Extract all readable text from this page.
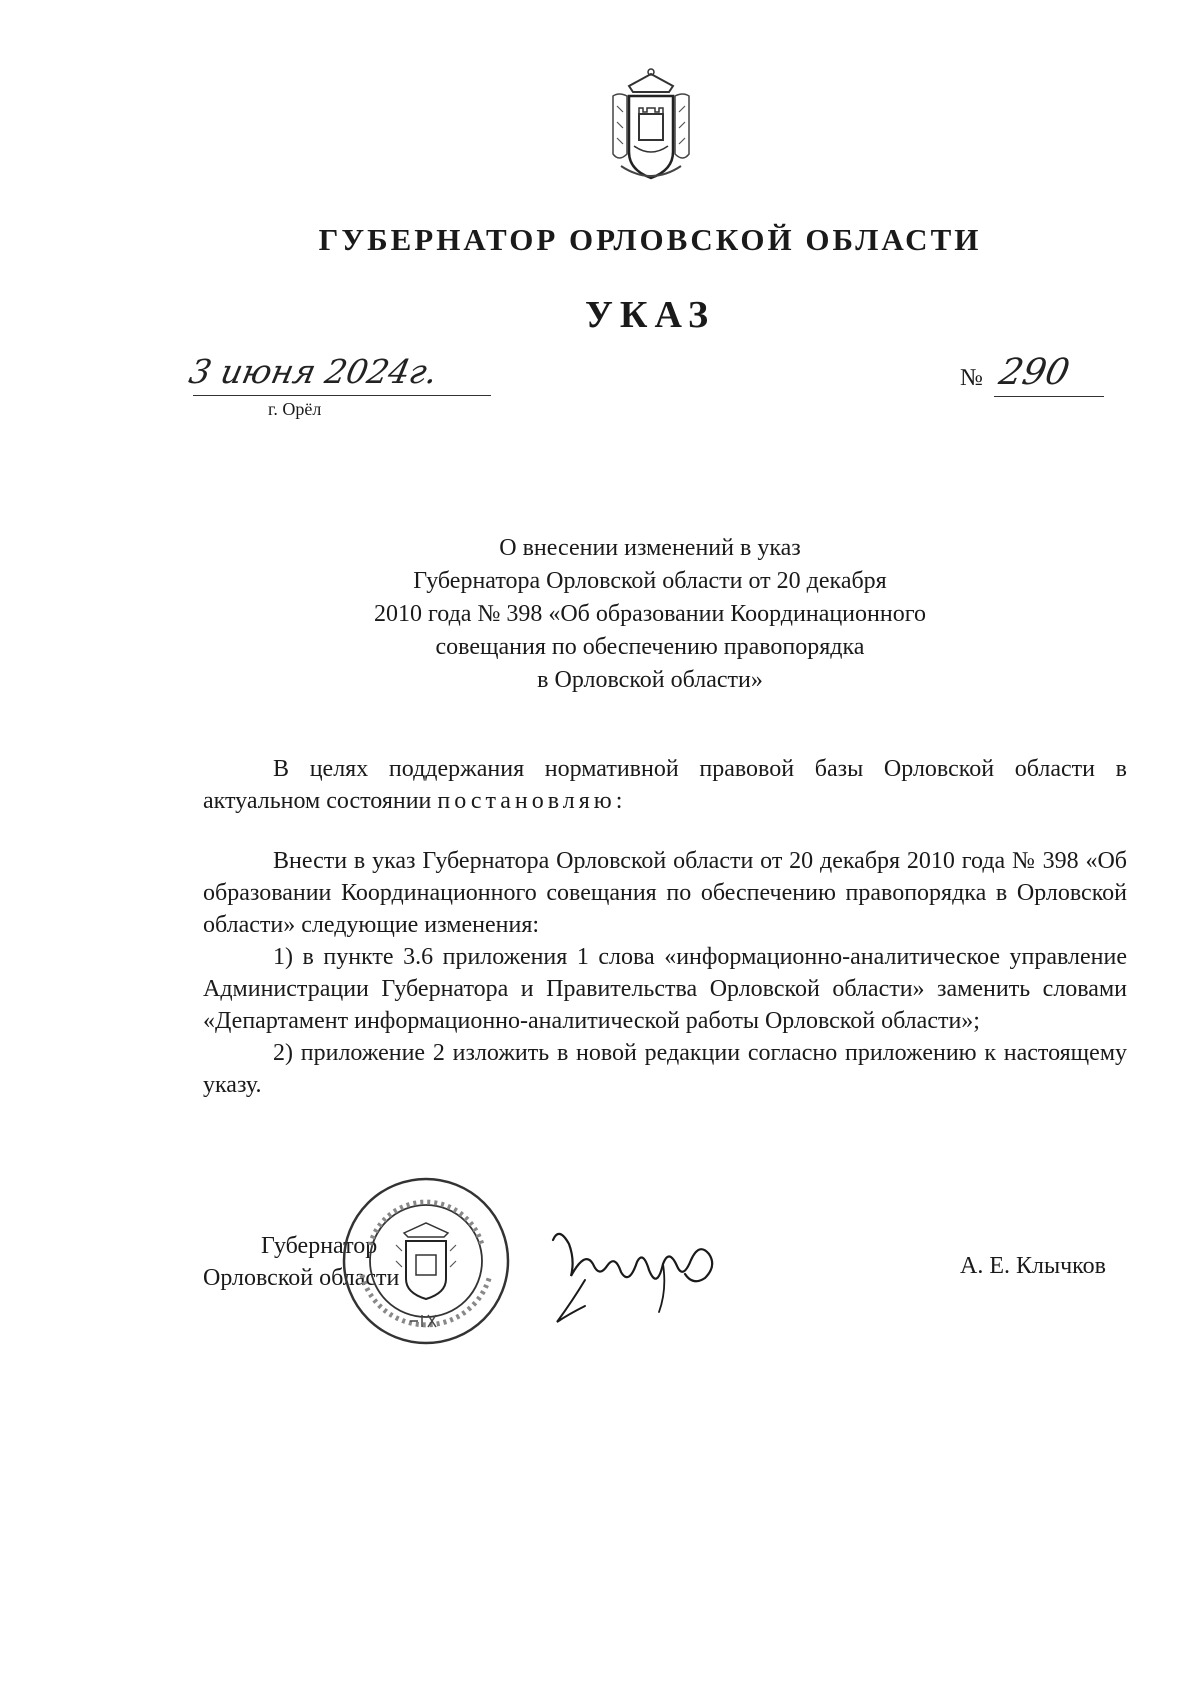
ГУБЕРНАТОР ОРЛОВСКОЙ ОБЛАСТИ
УКАЗ
3 июня 2024г.
г. Орёл
№ 290
О внесении изменений в указ
Губернатора Орловской области от 20 декабря
2010 года № 398 «Об образовании Координационного
совещания по обеспечению правопорядка
в Орловской области»

В целях поддержания нормативной правовой базы Орловской области в актуальном состоянии постановляю:

Внести в указ Губернатора Орловской области от 20 декабря 2010 года № 398 «Об образовании Координационного совещания по обеспечению правопорядка в Орловской области» следующие изменения:

1) в пункте 3.6 приложения 1 слова «информационно-аналитическое управление Администрации Губернатора и Правительства Орловской области» заменить словами «Департамент информационно-аналитической работы Орловской области»;

2) приложение 2 изложить в новой редакции согласно приложению к настоящему указу.

Губернатор
Орловской области	А. Е. Клычков
